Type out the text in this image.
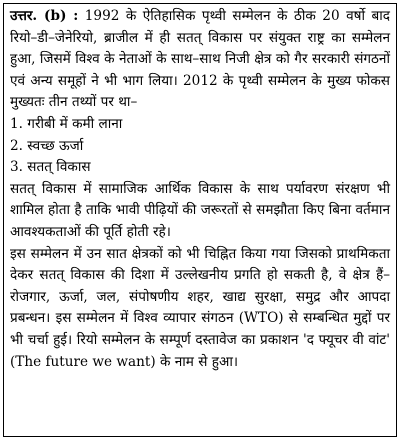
उत्तर. (b) : 1992 के ऐतिहासिक पृथ्वी सम्मेलन के ठीक 20 वर्षो बाद रियो–डी–जेनेरियो, ब्राजील में ही सतत् विकास पर संयुक्त राष्ट्र का सम्मेलन हुआ, जिसमें विश्व के नेताओं के साथ–साथ निजी क्षेत्र को गैर सरकारी संगठनों एवं अन्य समूहों ने भी भाग लिया। 2012 के पृथ्वी सम्मेलन के मुख्य फोकस मुख्यतः तीन तथ्यों पर था–

1. गरीबी में कमी लाना
2. स्वच्छ ऊर्जा
3. सतत् विकास

सतत् विकास में सामाजिक आर्थिक विकास के साथ पर्यावरण संरक्षण भी शामिल होता है ताकि भावी पीढ़ियों की जरूरतों से समझौता किए बिना वर्तमान आवश्यकताओं की पूर्ति होती रहे।

इस सम्मेलन में उन सात क्षेत्रकों को भी चिह्नित किया गया जिसको प्राथमिकता देकर सतत् विकास की दिशा में उल्लेखनीय प्रगति हो सकती है, वे क्षेत्र हैं–रोजगार, ऊर्जा, जल, संपोषणीय शहर, खाद्य सुरक्षा, समुद्र और आपदा प्रबन्धन। इस सम्मेलन में विश्व व्यापार संगठन (WTO) से सम्बन्धित मुद्दों पर भी चर्चा हुई। रियो सम्मेलन के सम्पूर्ण दस्तावेज का प्रकाशन 'द फ्यूचर वी वांट' (The future we want) के नाम से हुआ।
